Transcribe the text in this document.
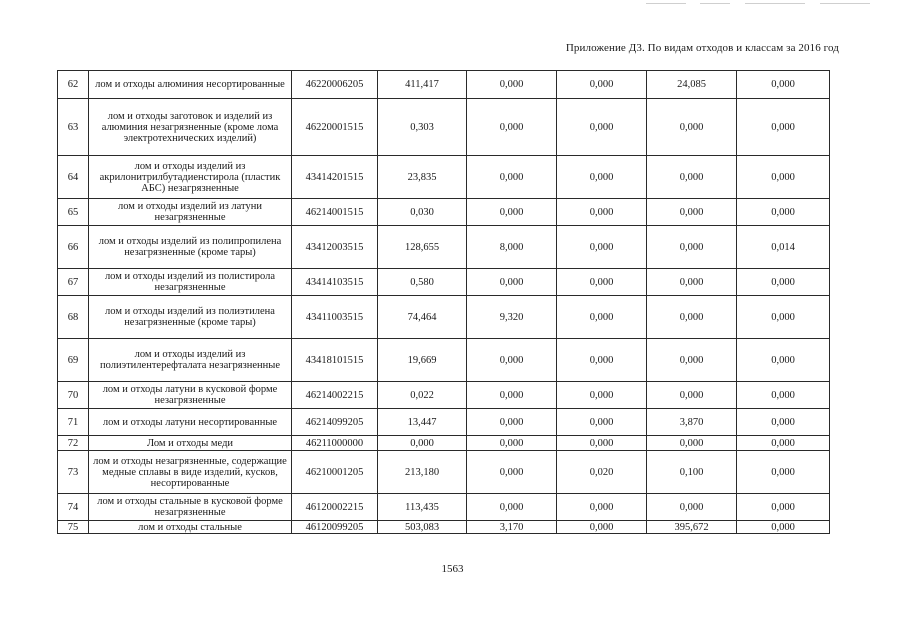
Приложение Д3. По видам отходов и классам за 2016 год
62	лом и отходы алюминия несортированные	46220006205	411,417	0,000	0,000	24,085	0,000
63	лом и отходы заготовок и изделий из алюминия незагрязненные (кроме лома электротехнических изделий)	46220001515	0,303	0,000	0,000	0,000	0,000
64	лом и отходы изделий из акрилонитрилбутадиенстирола (пластик АБС) незагрязненные	43414201515	23,835	0,000	0,000	0,000	0,000
65	лом и отходы изделий из латуни незагрязненные	46214001515	0,030	0,000	0,000	0,000	0,000
66	лом и отходы изделий из полипропилена незагрязненные (кроме тары)	43412003515	128,655	8,000	0,000	0,000	0,014
67	лом и отходы изделий из полистирола незагрязненные	43414103515	0,580	0,000	0,000	0,000	0,000
68	лом и отходы изделий из полиэтилена незагрязненные (кроме тары)	43411003515	74,464	9,320	0,000	0,000	0,000
69	лом и отходы изделий из полиэтилентерефталата незагрязненные	43418101515	19,669	0,000	0,000	0,000	0,000
70	лом и отходы латуни в кусковой форме незагрязненные	46214002215	0,022	0,000	0,000	0,000	0,000
71	лом и отходы латуни несортированные	46214099205	13,447	0,000	0,000	3,870	0,000
72	Лом и отходы меди	46211000000	0,000	0,000	0,000	0,000	0,000
73	лом и отходы незагрязненные, содержащие медные сплавы в виде изделий, кусков, несортированные	46210001205	213,180	0,000	0,020	0,100	0,000
74	лом и отходы стальные в кусковой форме незагрязненные	46120002215	113,435	0,000	0,000	0,000	0,000
75	лом и отходы стальные	46120099205	503,083	3,170	0,000	395,672	0,000
1563
